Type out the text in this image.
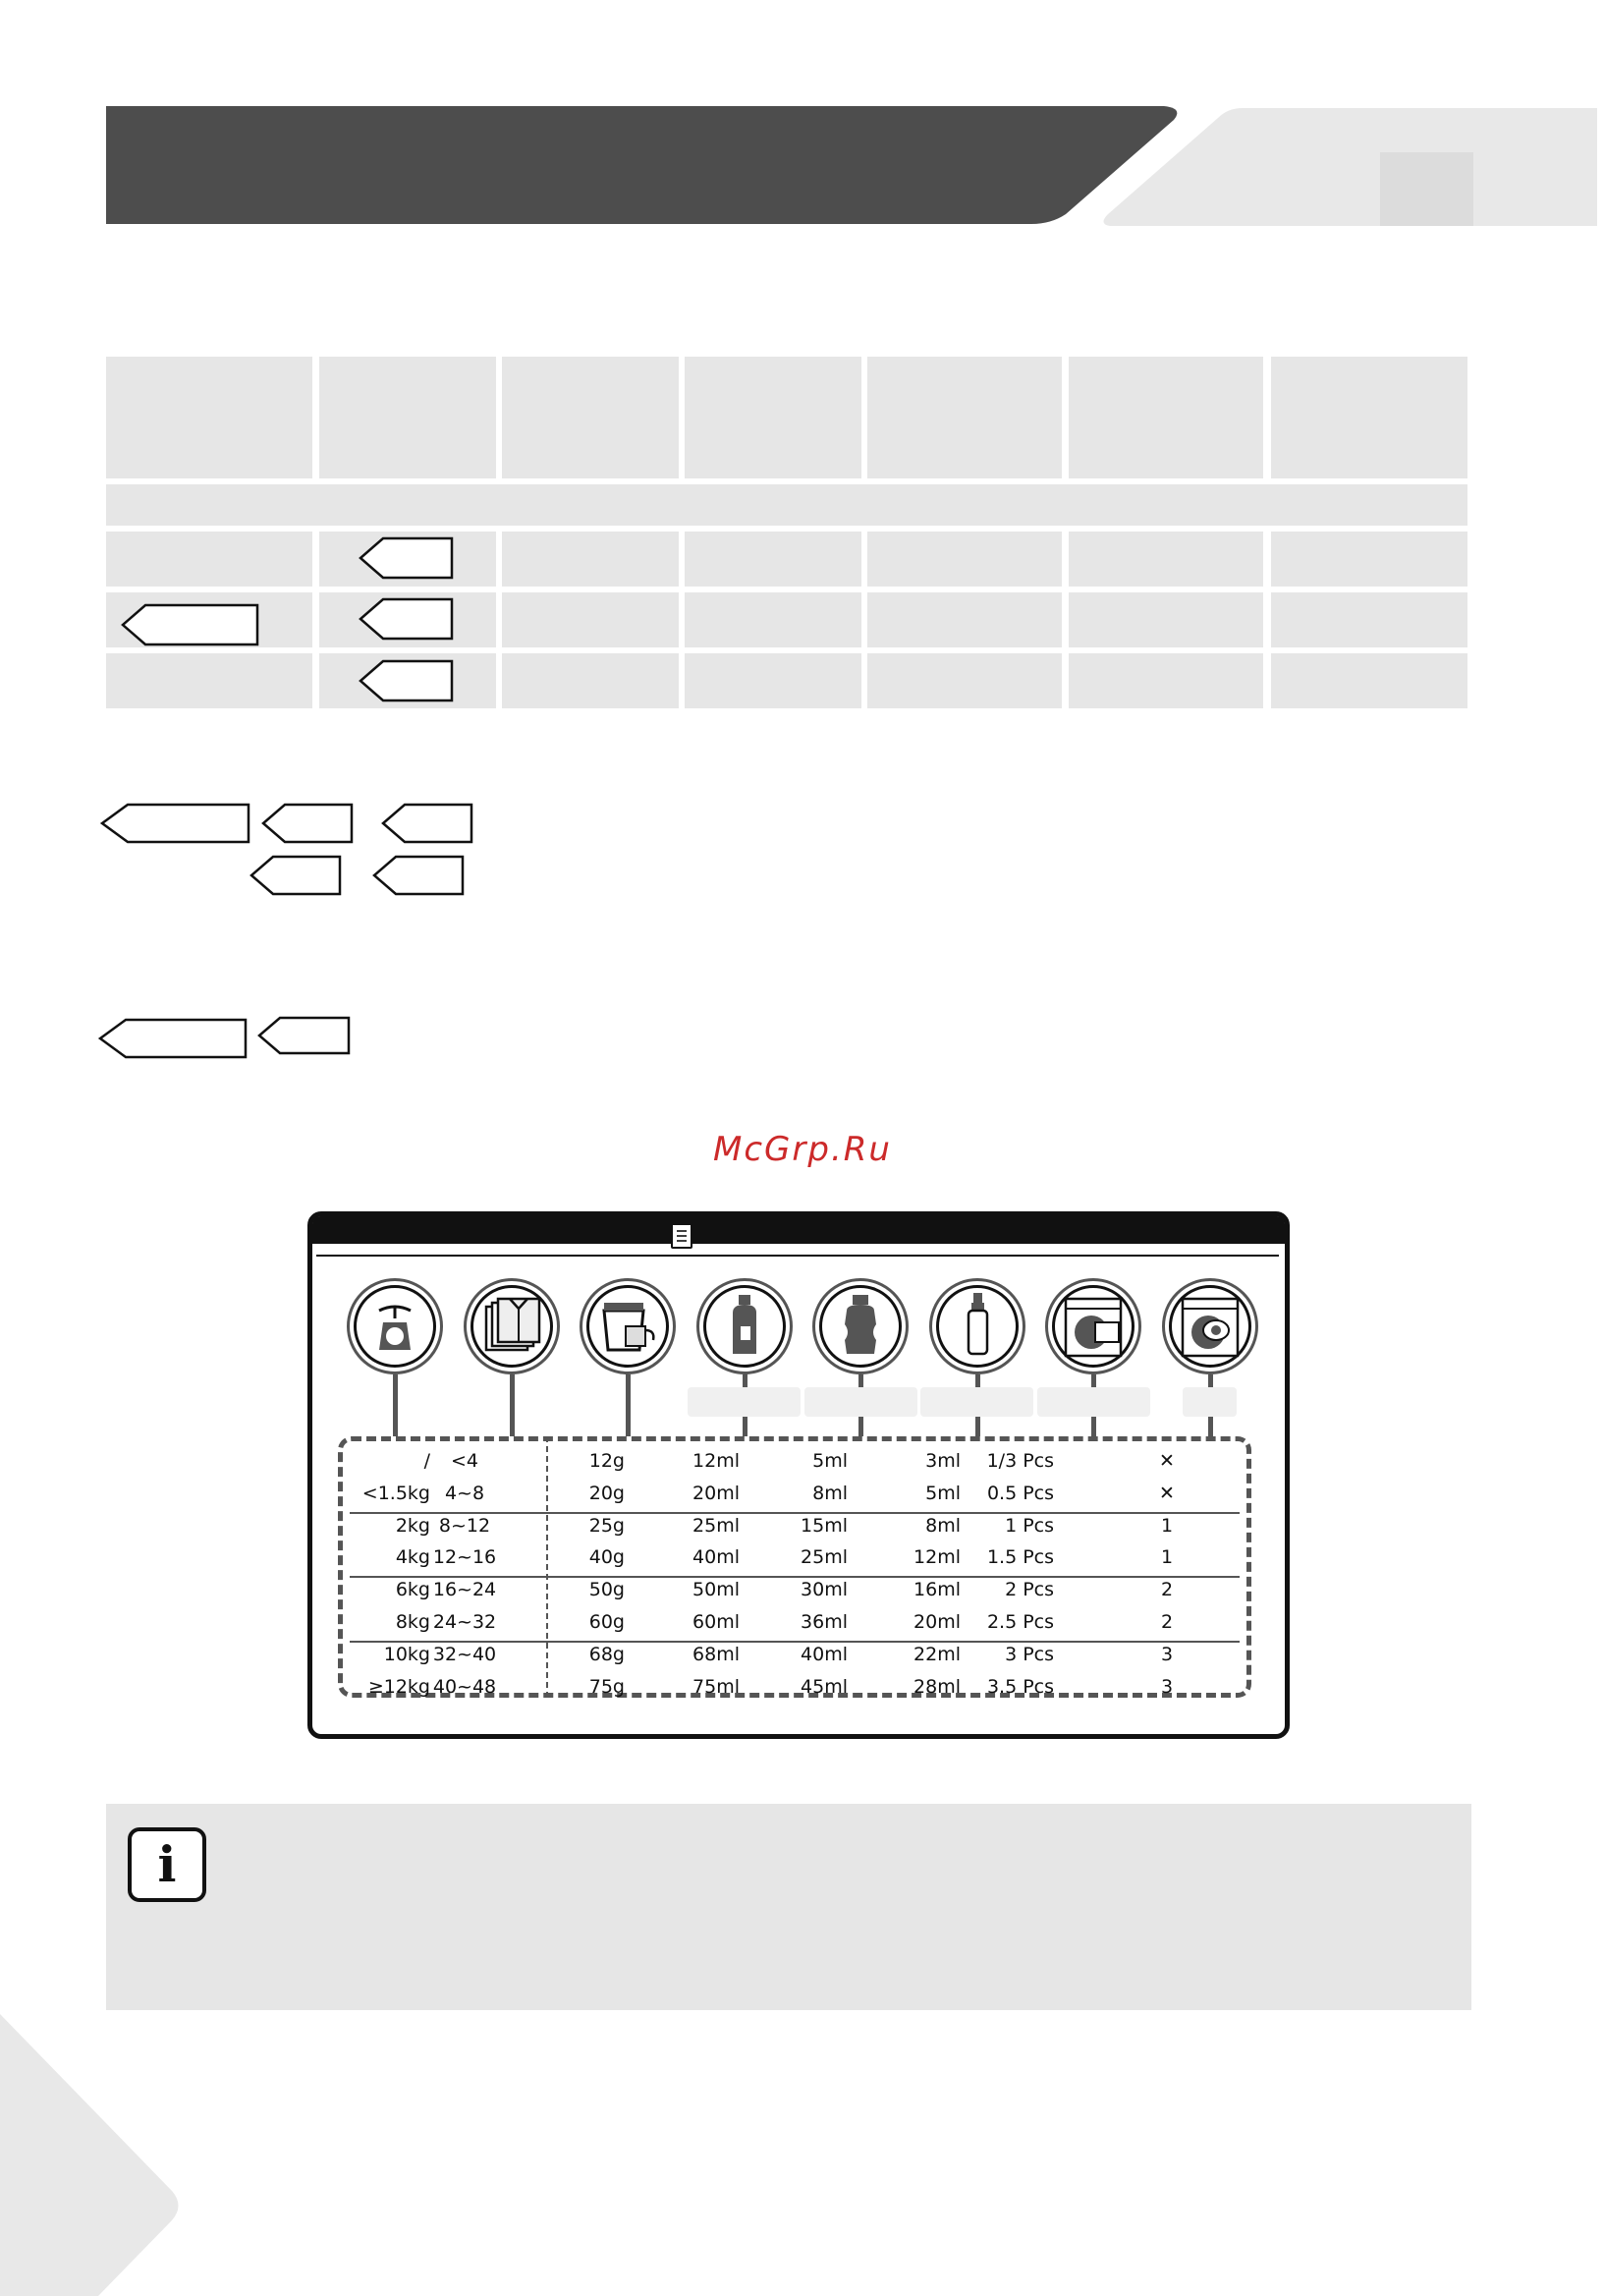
McGrp.Ru
/	<4	12g	12ml	5ml	3ml	1/3 Pcs	✕
<1.5kg 4~8	20g	20ml	8ml	5ml	0.5 Pcs	✕
2kg 8~12	25g	25ml	15ml	8ml	1 Pcs	1
4kg 12~16	40g	40ml	25ml	12ml	1.5 Pcs	1
6kg 16~24	50g	50ml	30ml	16ml	2 Pcs	2
8kg 24~32	60g	60ml	36ml	20ml	2.5 Pcs	2
10kg 32~40	68g	68ml	40ml	22ml	3 Pcs	3
≥12kg 40~48	75g	75ml	45ml	28ml	3.5 Pcs	3
i
